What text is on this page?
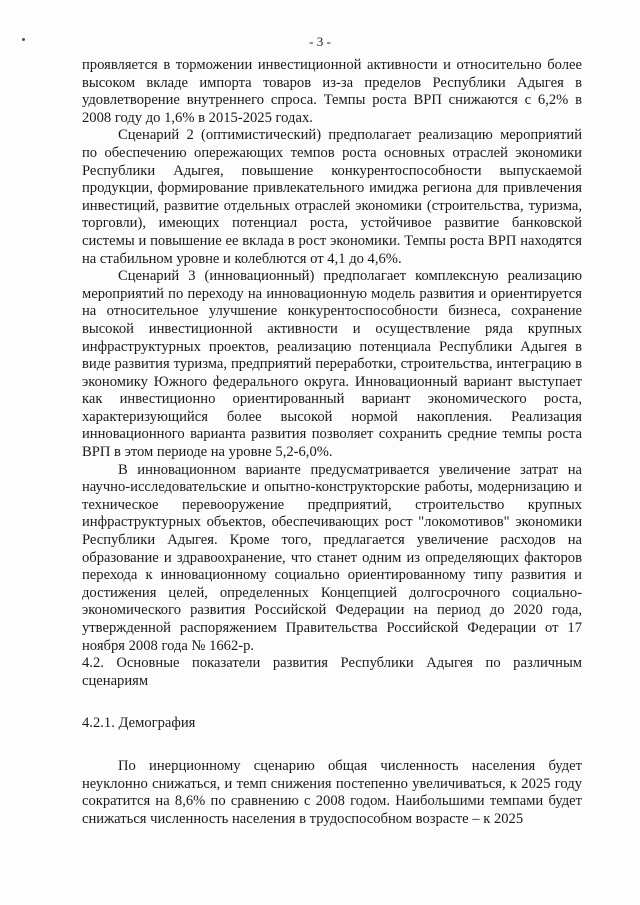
- 3 -

проявляется в торможении инвестиционной активности и относительно более высоком вкладе импорта товаров из-за пределов Республики Адыгея в удовлетворение внутреннего спроса. Темпы роста ВРП снижаются с 6,2% в 2008 году до 1,6% в 2015-2025 годах.

Сценарий 2 (оптимистический) предполагает реализацию мероприятий по обеспечению опережающих темпов роста основных отраслей экономики Республики Адыгея, повышение конкурентоспособности выпускаемой продукции, формирование привлекательного имиджа региона для привлечения инвестиций, развитие отдельных отраслей экономики (строительства, туризма, торговли), имеющих потенциал роста, устойчивое развитие банковской системы и повышение ее вклада в рост экономики. Темпы роста ВРП находятся на стабильном уровне и колеблются от 4,1 до 4,6%.

Сценарий 3 (инновационный) предполагает комплексную реализацию мероприятий по переходу на инновационную модель развития и ориентируется на относительное улучшение конкурентоспособности бизнеса, сохранение высокой инвестиционной активности и осуществление ряда крупных инфраструктурных проектов, реализацию потенциала Республики Адыгея в виде развития туризма, предприятий переработки, строительства, интеграцию в экономику Южного федерального округа. Инновационный вариант выступает как инвестиционно ориентированный вариант экономического роста, характеризующийся более высокой нормой накопления. Реализация инновационного варианта развития позволяет сохранить средние темпы роста ВРП в этом периоде на уровне 5,2-6,0%.

В инновационном варианте предусматривается увеличение затрат на научно-исследовательские и опытно-конструкторские работы, модернизацию и техническое перевооружение предприятий, строительство крупных инфраструктурных объектов, обеспечивающих рост "локомотивов" экономики Республики Адыгея. Кроме того, предлагается увеличение расходов на образование и здравоохранение, что станет одним из определяющих факторов перехода к инновационному социально ориентированному типу развития и достижения целей, определенных Концепцией долгосрочного социально-экономического развития Российской Федерации на период до 2020 года, утвержденной распоряжением Правительства Российской Федерации от 17 ноября 2008 года № 1662-р.

4.2. Основные показатели развития Республики Адыгея по различным сценариям

4.2.1. Демография

По инерционному сценарию общая численность населения будет неуклонно снижаться, и темп снижения постепенно увеличиваться, к 2025 году сократится на 8,6% по сравнению с 2008 годом. Наибольшими темпами будет снижаться численность населения в трудоспособном возрасте – к 2025
